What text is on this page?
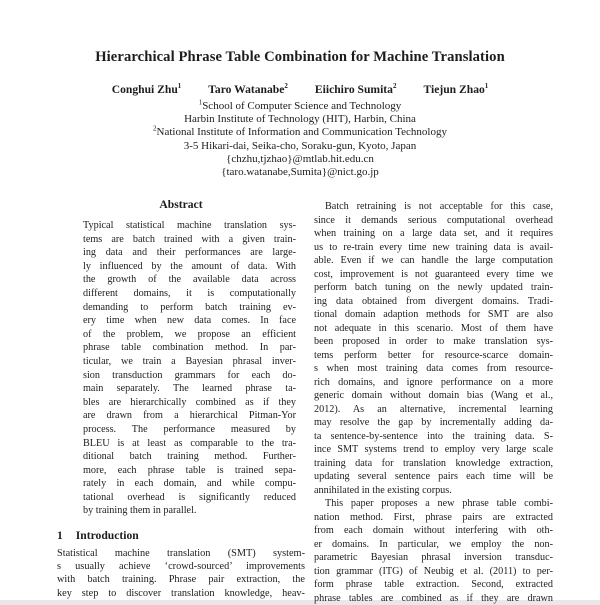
Hierarchical Phrase Table Combination for Machine Translation
Conghui Zhu$^1$ Taro Watanabe$^2$ Eiichiro Sumita$^2$ Tiejun Zhao$^1$
$^1$School of Computer Science and Technology
Harbin Institute of Technology (HIT), Harbin, China
$^2$National Institute of Information and Communication Technology
3-5 Hikari-dai, Seika-cho, Soraku-gun, Kyoto, Japan
{chzhu,tjzhao}@mtlab.hit.edu.cn
{taro.watanabe,Sumita}@nict.go.jp
Abstract
Typical statistical machine translation sys-
tems are batch trained with a given train-
ing data and their performances are large-
ly influenced by the amount of data. With
the growth of the available data across
different domains, it is computationally
demanding to perform batch training ev-
ery time when new data comes. In face
of the problem, we propose an efficient
phrase table combination method. In par-
ticular, we train a Bayesian phrasal inver-
sion transduction grammars for each do-
main separately. The learned phrase ta-
bles are hierarchically combined as if they
are drawn from a hierarchical Pitman-Yor
process. The performance measured by
BLEU is at least as comparable to the tra-
ditional batch training method. Further-
more, each phrase table is trained sepa-
rately in each domain, and while compu-
tational overhead is significantly reduced
by training them in parallel.
1 Introduction
Statistical machine translation (SMT) system-
s usually achieve ‘crowd-sourced’ improvements
with batch training. Phrase pair extraction, the
key step to discover translation knowledge, heav-
Batch retraining is not acceptable for this case,
since it demands serious computational overhead
when training on a large data set, and it requires
us to re-train every time new training data is avail-
able. Even if we can handle the large computation
cost, improvement is not guaranteed every time we
perform batch tuning on the newly updated train-
ing data obtained from divergent domains. Tradi-
tional domain adaption methods for SMT are also
not adequate in this scenario. Most of them have
been proposed in order to make translation sys-
tems perform better for resource-scarce domain-
s when most training data comes from resource-
rich domains, and ignore performance on a more
generic domain without domain bias (Wang et al.,
2012). As an alternative, incremental learning
may resolve the gap by incrementally adding da-
ta sentence-by-sentence into the training data. S-
ince SMT systems trend to employ very large scale
training data for translation knowledge extraction,
updating several sentence pairs each time will be
annihilated in the existing corpus.
This paper proposes a new phrase table combi-
nation method. First, phrase pairs are extracted
from each domain without interfering with oth-
er domains. In particular, we employ the non-
parametric Bayesian phrasal inversion transduc-
tion grammar (ITG) of Neubig et al. (2011) to per-
form phrase table extraction. Second, extracted
phrase tables are combined as if they are drawn
